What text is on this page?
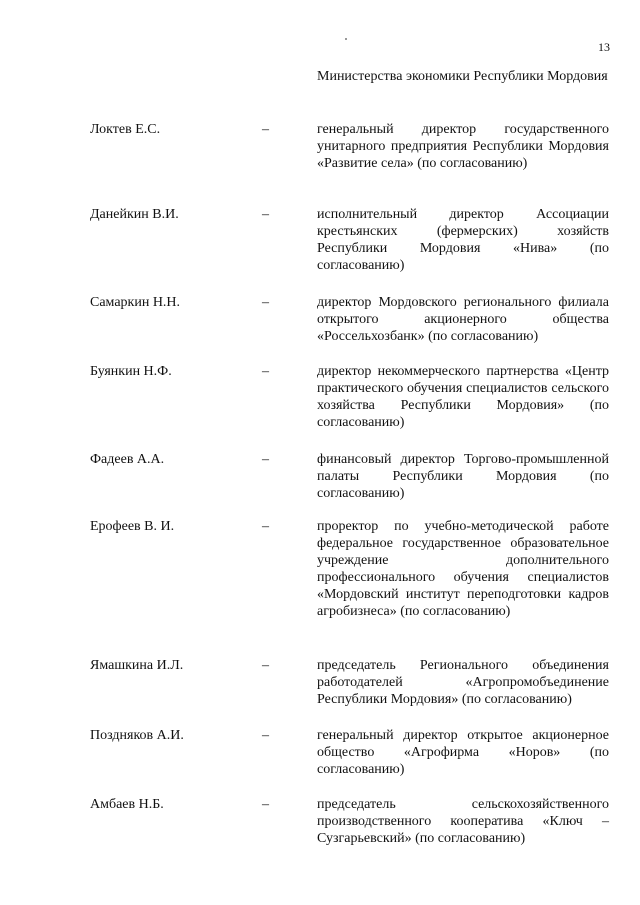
13
Министерства экономики Республики Мордовия
Локтев Е.С.	–	генеральный директор государственного унитарного предприятия Республики Мордовия «Развитие села» (по согласованию)
Данейкин В.И.	–	исполнительный директор Ассоциации крестьянских (фермерских) хозяйств Республики Мордовия «Нива» (по согласованию)
Самаркин Н.Н.	–	директор Мордовского регионального филиала открытого акционерного общества «Россельхозбанк» (по согласованию)
Буянкин Н.Ф.	–	директор некоммерческого партнерства «Центр практического обучения специалистов сельского хозяйства Республики Мордовия» (по согласованию)
Фадеев А.А.	–	финансовый директор Торгово-промышленной палаты Республики Мордовия (по согласованию)
Ерофеев В. И.	–	проректор по учебно-методической работе федеральное государственное образовательное учреждение дополнительного профессионального обучения специалистов «Мордовский институт переподготовки кадров агробизнеса» (по согласованию)
Ямашкина И.Л.	–	председатель Регионального объединения работодателей «Агропромобъединение Республики Мордовия» (по согласованию)
Поздняков А.И.	–	генеральный директор открытое акционерное общество «Агрофирма «Норов» (по согласованию)
Амбаев Н.Б.	–	председатель сельскохозяйственного производственного кооператива «Ключ – Сузгарьевский» (по согласованию)
